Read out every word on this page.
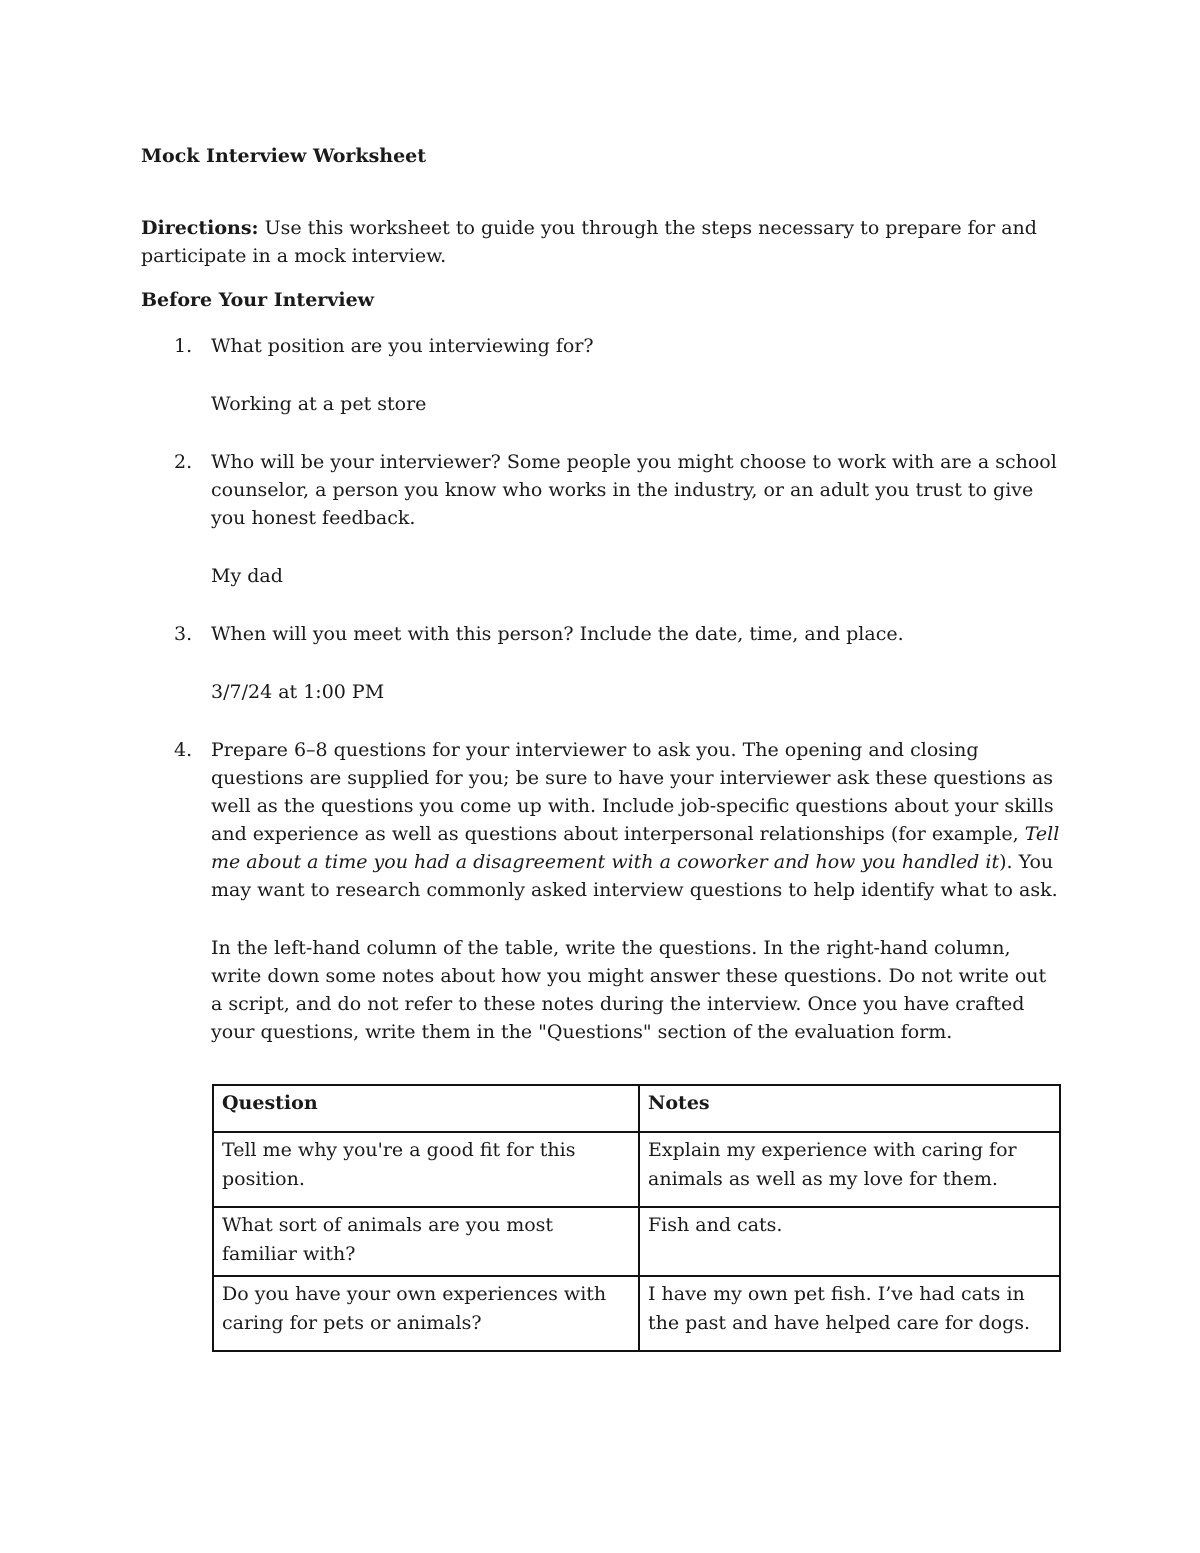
Mock Interview Worksheet

Directions: Use this worksheet to guide you through the steps necessary to prepare for and participate in a mock interview.

Before Your Interview
1. What position are you interviewing for?

Working at a pet store

2. Who will be your interviewer? Some people you might choose to work with are a school counselor, a person you know who works in the industry, or an adult you trust to give you honest feedback.

My dad

3. When will you meet with this person? Include the date, time, and place.

3/7/24 at 1:00 PM

4. Prepare 6–8 questions for your interviewer to ask you. The opening and closing questions are supplied for you; be sure to have your interviewer ask these questions as well as the questions you come up with. Include job-specific questions about your skills and experience as well as questions about interpersonal relationships (for example, Tell me about a time you had a disagreement with a coworker and how you handled it). You may want to research commonly asked interview questions to help identify what to ask.

In the left-hand column of the table, write the questions. In the right-hand column, write down some notes about how you might answer these questions. Do not write out a script, and do not refer to these notes during the interview. Once you have crafted your questions, write them in the "Questions" section of the evaluation form.

Question	Notes
Tell me why you're a good fit for this position.	Explain my experience with caring for animals as well as my love for them.
What sort of animals are you most familiar with?	Fish and cats.
Do you have your own experiences with caring for pets or animals?	I have my own pet fish. I’ve had cats in the past and have helped care for dogs.
